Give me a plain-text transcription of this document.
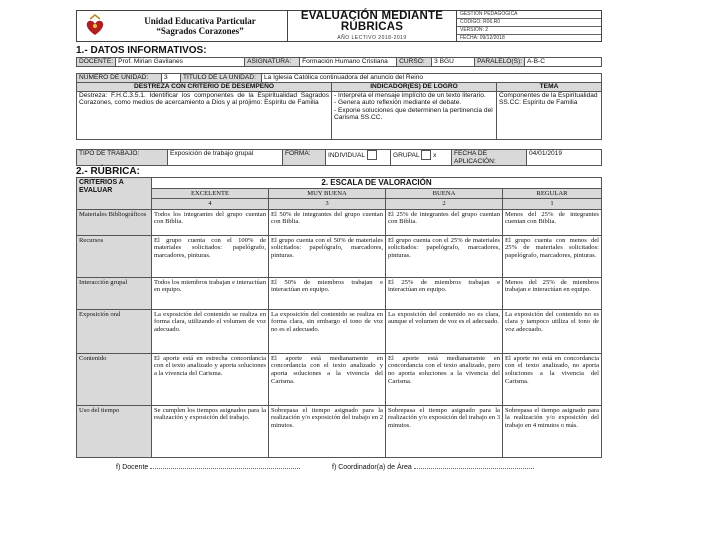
Unidad Educativa Particular
“Sagrados Corazones”
EVALUACIÓN MEDIANTE
RÚBRICAS
AÑO LECTIVO 2018-2019
GESTIÓN PEDAGÓGICA
CÓDIGO: R06.R0
VERSIÓN: 2
FECHA: 09/12/2018
1.- DATOS INFORMATIVOS:
DOCENTE:	Prof. Mirian Gavilanes	ASIGNATURA:	Formación Humano Cristiana	CURSO:	3 BGU	PARALELO(S):	A-B-C
NÚMERO DE UNIDAD:	3	TÍTULO DE LA UNIDAD:	La Iglesia Católica continuadora del anuncio del Reino
DESTREZA CON CRITERIO DE DESEMPEÑO	INDICADOR(ES) DE LOGRO	TEMA
Destreza: F.H.C.3.5.1. Identificar los componentes de la Espiritualidad Sagrados Corazones, como medios de acercamiento a Dios y al prójimo: Espíritu de Familia	- Interpreta el mensaje implícito de un texto literario.
- Genera auto reflexión mediante el debate.
- Expone soluciones que determinen la pertinencia del Carisma SS.CC.	Componentes de la Espiritualidad SS.CC: Espíritu de Familia
TIPO DE TRABAJO:	Exposición de trabajo grupal	FORMA:	INDIVIDUAL	GRUPAL x	FECHA DE APLICACIÓN:	04/01/2019
2.- RÚBRICA:
CRITERIOS A EVALUAR	2. ESCALA DE VALORACIÓN			
	EXCELENTE	MUY BUENA	BUENA	REGULAR
	4	3	2	1
Materiales Bibliográficos	Todos los integrantes del grupo cuentan con Biblia.	El 50% de integrantes del grupo cuentan con Biblia.	El 25% de integrantes del grupo cuentan con Biblia.	Menos del 25% de integrantes cuentan con Biblia.
Recursos	El grupo cuenta con el 100% de materiales solicitados: papelógrafo, marcadores, pinturas.	El grupo cuenta con el 50% de materiales solicitados: papelógrafo, marcadores, pinturas.	El grupo cuenta con el 25% de materiales solicitados: papelógrafo, marcadores, pinturas.	El grupo cuenta con menos del 25% de materiales solicitados: papelógrafo, marcadores, pinturas.
Interacción grupal	Todos los miembros trabajan e interactúan en equipo.	El 50% de miembros trabajan e interactúan en equipo.	El 25% de miembros trabajan e interactúan en equipo.	Menos del 25% de miembros trabajan e interactúan en equipo.
Exposición oral	La exposición del contenido se realiza en forma clara, utilizando el volumen de voz adecuado.	La exposición del contenido se realiza en forma clara, sin embargo el tono de voz no es el adecuado.	La exposición del contenido no es clara, aunque el volumen de voz es el adecuado.	La exposición del contenido no es clara y tampoco utiliza el tono de voz adecuado.
Contenido	El aporte está en estrecha concordancia con el texto analizado y aporta soluciones a la vivencia del Carisma.	El aporte está medianamente en concordancia con el texto analizado y aporta soluciones a la vivencia del Carisma.	El aporte está medianamente en concordancia con el texto analizado, pero no aporta soluciones a la vivencia del Carisma.	El aporte no está en concordancia con el texto analizado, no aporta soluciones a la vivencia del Carisma.
Uso del tiempo	Se cumplen los tiempos asignados para la realización y exposición del trabajo.	Sobrepasa el tiempo asignado para la realización y/o exposición del trabajo en 2 minutos.	Sobrepasa el tiempo asignado para la realización y/o exposición del trabajo en 3 minutos.	Sobrepasa el tiempo asignado para la realización y/o exposición del trabajo en 4 minutos o más.
f) Docente	f) Coordinador(a) de Área
